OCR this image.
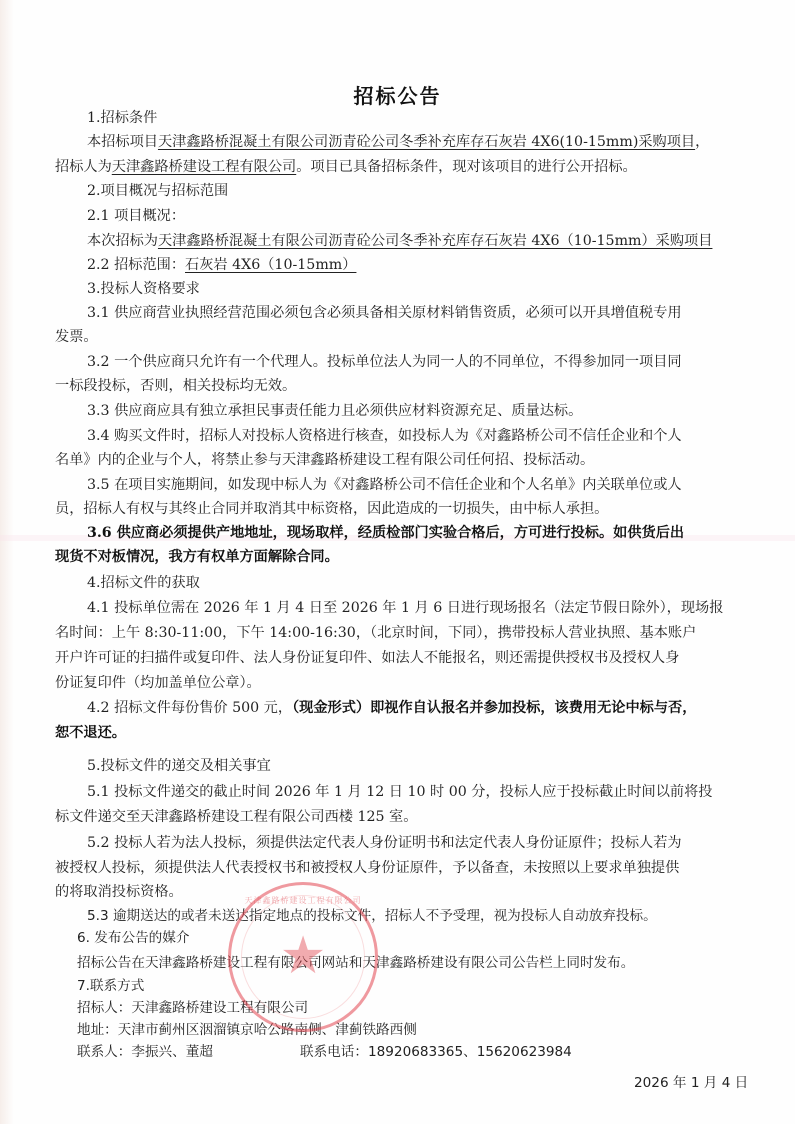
招标公告
1.招标条件
本招标项目天津鑫路桥混凝土有限公司沥青砼公司冬季补充库存石灰岩 4X6(10-15mm)采购项目，
招标人为天津鑫路桥建设工程有限公司。项目已具备招标条件，现对该项目的进行公开招标。
2.项目概况与招标范围
2.1 项目概况：
本次招标为天津鑫路桥混凝土有限公司沥青砼公司冬季补充库存石灰岩 4X6（10-15mm）采购项目
2.2 招标范围：石灰岩 4X6（10-15mm）
3.投标人资格要求
3.1 供应商营业执照经营范围必须包含必须具备相关原材料销售资质，必须可以开具增值税专用
发票。
3.2 一个供应商只允许有一个代理人。投标单位法人为同一人的不同单位，不得参加同一项目同
一标段投标，否则，相关投标均无效。
3.3 供应商应具有独立承担民事责任能力且必须供应材料资源充足、质量达标。
3.4 购买文件时，招标人对投标人资格进行核查，如投标人为《对鑫路桥公司不信任企业和个人
名单》内的企业与个人，将禁止参与天津鑫路桥建设工程有限公司任何招、投标活动。
3.5 在项目实施期间，如发现中标人为《对鑫路桥公司不信任企业和个人名单》内关联单位或人
员，招标人有权与其终止合同并取消其中标资格，因此造成的一切损失，由中标人承担。
3.6 供应商必须提供产地地址，现场取样，经质检部门实验合格后，方可进行投标。如供货后出
现货不对板情况，我方有权单方面解除合同。
4.招标文件的获取
4.1 投标单位需在 2026 年 1 月 4 日至 2026 年 1 月 6 日进行现场报名（法定节假日除外），现场报
名时间：上午 8:30-11:00，下午 14:00-16:30，（北京时间，下同），携带投标人营业执照、基本账户
开户许可证的扫描件或复印件、法人身份证复印件、如法人不能报名，则还需提供授权书及授权人身
份证复印件（均加盖单位公章）。
4.2 招标文件每份售价 500 元，（现金形式）即视作自认报名并参加投标，该费用无论中标与否，
恕不退还。
5.投标文件的递交及相关事宜
5.1 投标文件递交的截止时间 2026 年 1 月 12 日 10 时 00 分，投标人应于投标截止时间以前将投
标文件递交至天津鑫路桥建设工程有限公司西楼 125 室。
5.2 投标人若为法人投标，须提供法定代表人身份证明书和法定代表人身份证原件；投标人若为
被授权人投标，须提供法人代表授权书和被授权人身份证原件，予以备查，未按照以上要求单独提供
的将取消投标资格。
5.3 逾期送达的或者未送达指定地点的投标文件，招标人不予受理，视为投标人自动放弃投标。
6. 发布公告的媒介
招标公告在天津鑫路桥建设工程有限公司网站和天津鑫路桥建设有限公司公告栏上同时发布。
7.联系方式
招标人：天津鑫路桥建设工程有限公司
地址：天津市蓟州区洇溜镇京哈公路南侧、津蓟铁路西侧
联系人：李振兴、董超	联系电话：18920683365、15620623984
2026 年 1 月 4 日
天津鑫路桥建设工程有限公司
★
